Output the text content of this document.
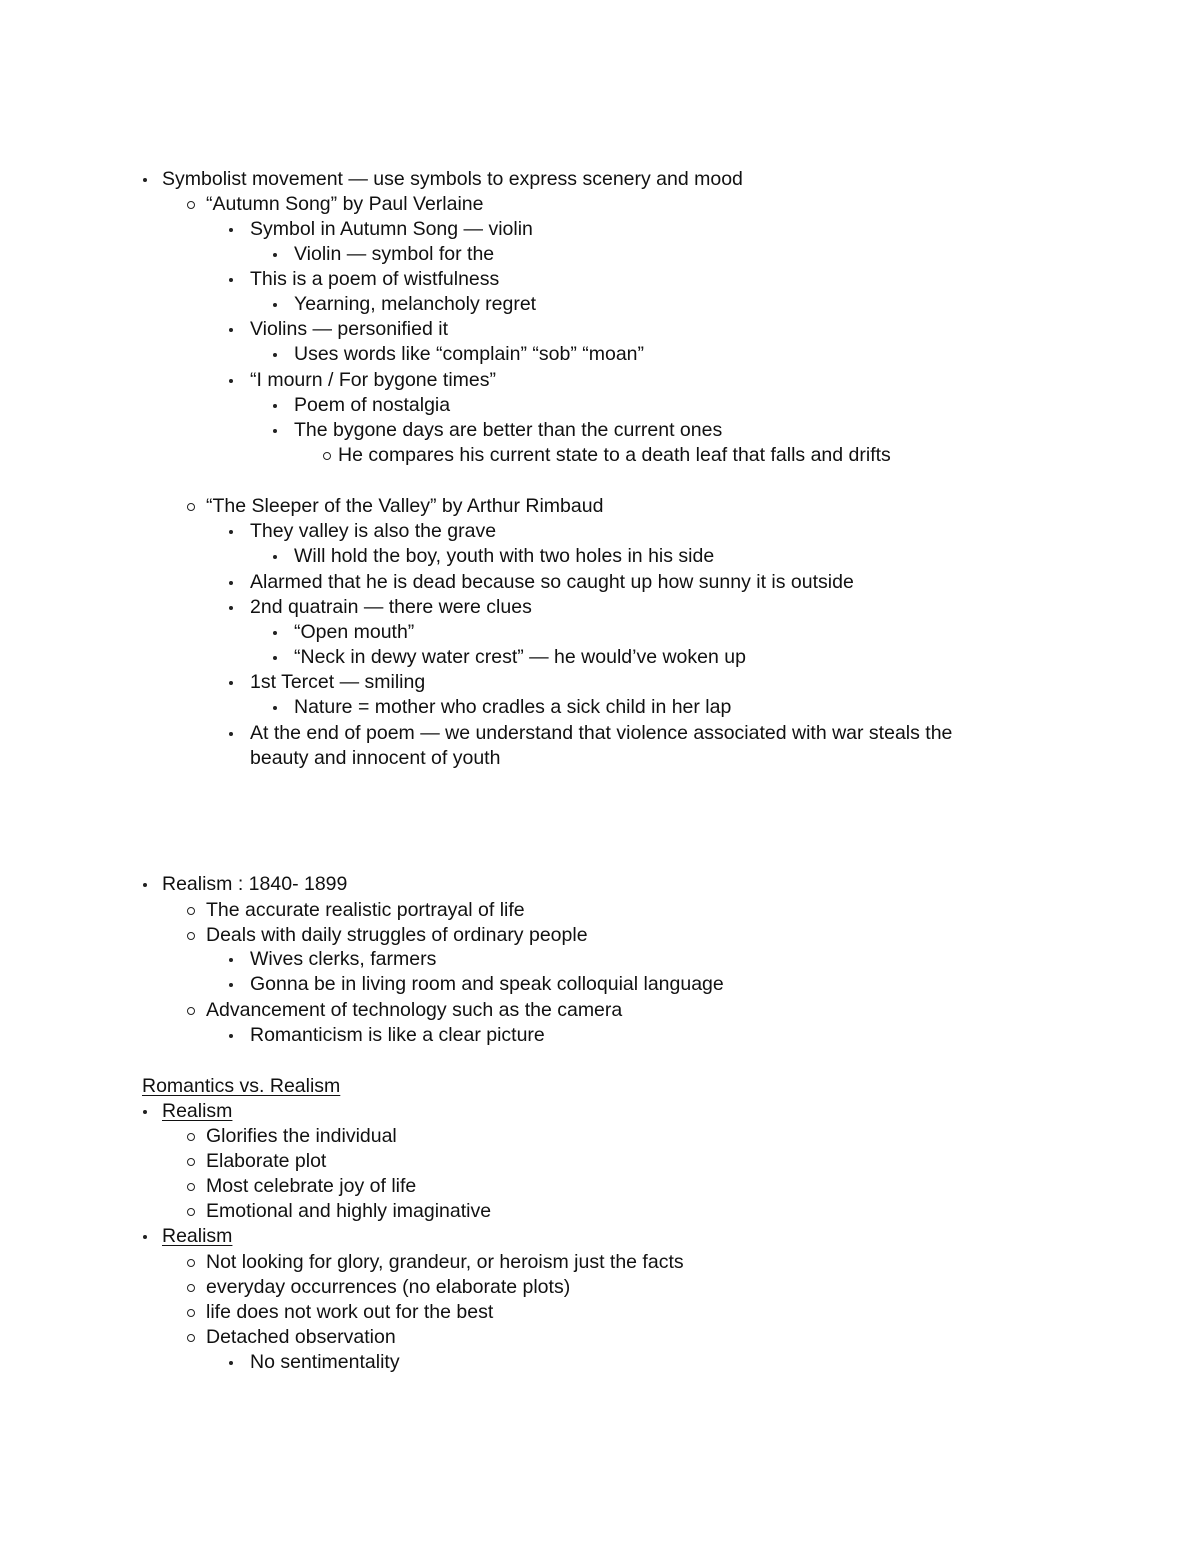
Symbolist movement — use symbols to express scenery and mood
“Autumn Song” by Paul Verlaine
Symbol in Autumn Song — violin
Violin — symbol for the
This is a poem of wistfulness
Yearning, melancholy regret
Violins — personified it
Uses words like “complain” “sob” “moan”
“I mourn / For bygone times”
Poem of nostalgia
The bygone days are better than the current ones
He compares his current state to a death leaf that falls and drifts
“The Sleeper of the Valley” by Arthur Rimbaud
They valley is also the grave
Will hold the boy, youth with two holes in his side
Alarmed that he is dead because so caught up how sunny it is outside
2nd quatrain — there were clues
“Open mouth”
“Neck in dewy water crest” — he would’ve woken up
1st Tercet — smiling
Nature = mother who cradles a sick child in her lap
At the end of poem — we understand that violence associated with war steals the
beauty and innocent of youth
Realism : 1840- 1899
The accurate realistic portrayal of life
Deals with daily struggles of ordinary people
Wives clerks, farmers
Gonna be in living room and speak colloquial language
Advancement of technology such as the camera
Romanticism is like a clear picture
Romantics vs. Realism
Realism
Glorifies the individual
Elaborate plot
Most celebrate joy of life
Emotional and highly imaginative
Realism
Not looking for glory, grandeur, or heroism just the facts
everyday occurrences (no elaborate plots)
life does not work out for the best
Detached observation
No sentimentality
